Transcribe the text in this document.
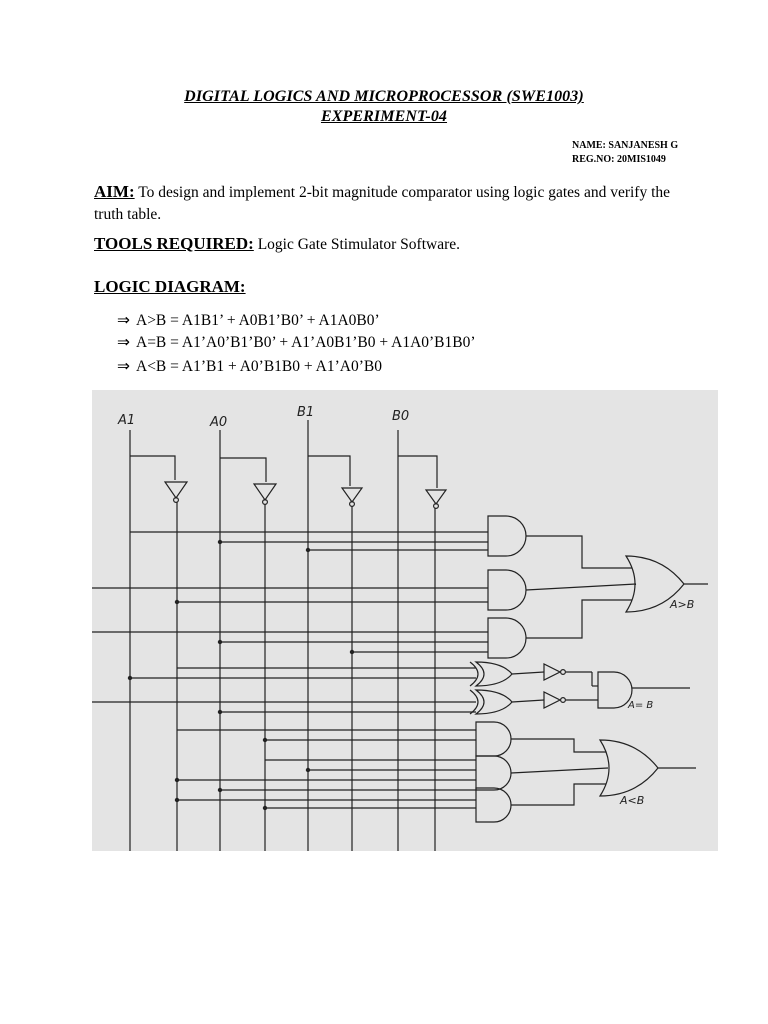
DIGITAL LOGICS AND MICROPROCESSOR (SWE1003)
EXPERIMENT-04
NAME: SANJANESH G
REG.NO: 20MIS1049
AIM: To design and implement 2-bit magnitude comparator using logic gates and verify the truth table.
TOOLS REQUIRED: Logic Gate Stimulator Software.
LOGIC DIAGRAM:
⇒ A>B = A1B1’ + A0B1’B0’ + A1A0B0’
⇒ A=B = A1’A0’B1’B0’ + A1’A0B1’B0 + A1A0’B1B0’
⇒ A<B = A1’B1 + A0’B1B0 + A1’A0’B0
A1	A0
B1	B0
A>B
A= B
A<B
